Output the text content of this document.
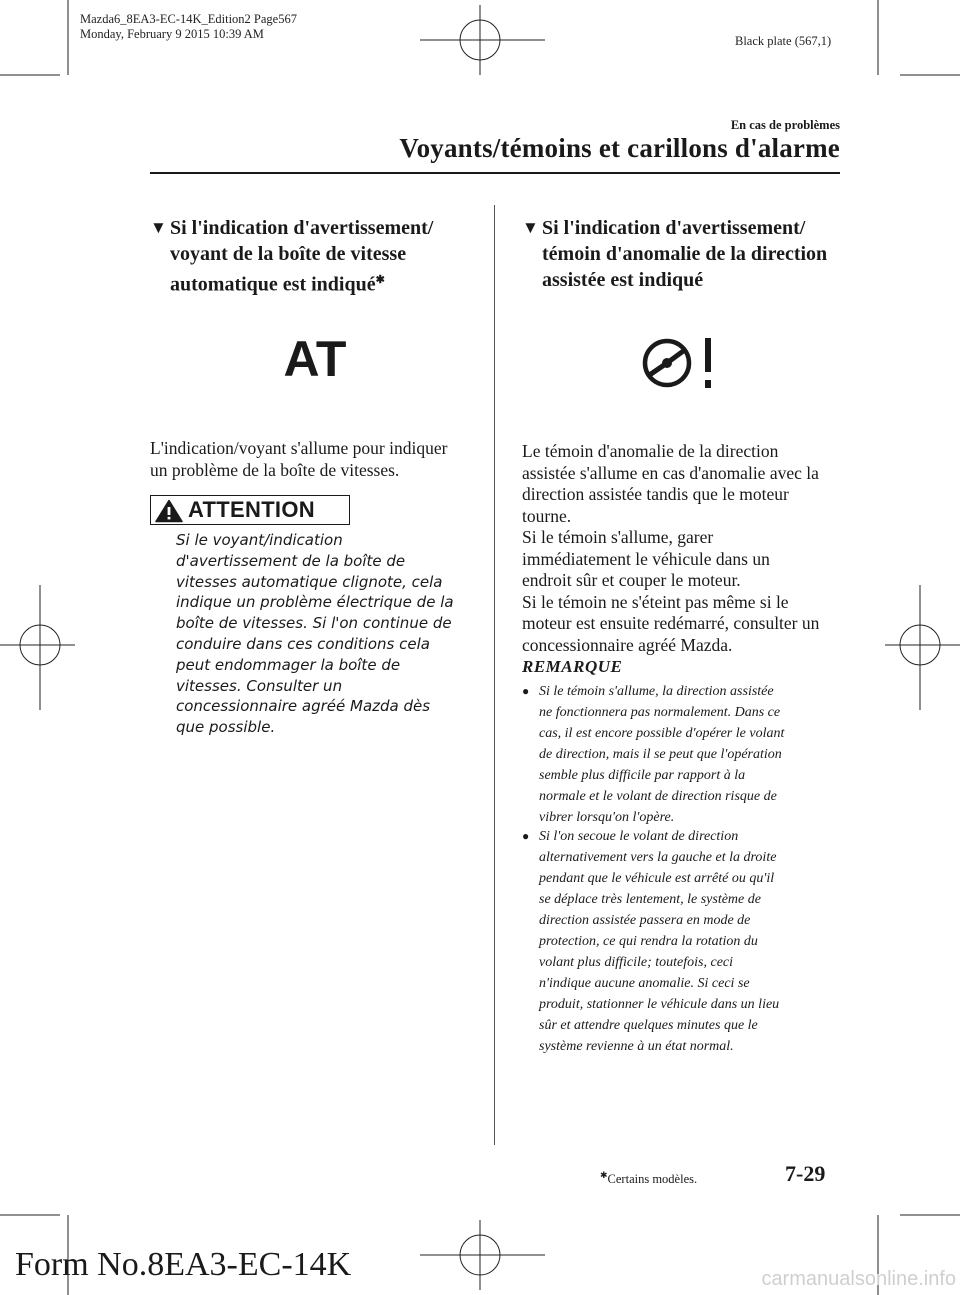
Mazda6_8EA3-EC-14K_Edition2 Page567
Monday, February 9 2015 10:39 AM	Black plate (567,1)
En cas de problèmes
Voyants/témoins et carillons d'alarme
▼ Si l'indication d'avertissement/
voyant de la boîte de vitesse
automatique est indiqué✱
AT
L'indication/voyant s'allume pour indiquer
un problème de la boîte de vitesses.
ATTENTION
Si le voyant/indication
d'avertissement de la boîte de
vitesses automatique clignote, cela
indique un problème électrique de la
boîte de vitesses. Si l'on continue de
conduire dans ces conditions cela
peut endommager la boîte de
vitesses. Consulter un
concessionnaire agréé Mazda dès
que possible.
▼ Si l'indication d'avertissement/
témoin d'anomalie de la direction
assistée est indiqué
Le témoin d'anomalie de la direction
assistée s'allume en cas d'anomalie avec la
direction assistée tandis que le moteur
tourne.
Si le témoin s'allume, garer
immédiatement le véhicule dans un
endroit sûr et couper le moteur.
Si le témoin ne s'éteint pas même si le
moteur est ensuite redémarré, consulter un
concessionnaire agréé Mazda.
REMARQUE
● Si le témoin s'allume, la direction assistée

ne fonctionnera pas normalement. Dans ce

cas, il est encore possible d'opérer le volant

de direction, mais il se peut que l'opération

semble plus difficile par rapport à la

normale et le volant de direction risque de

vibrer lorsqu'on l'opère.

● Si l'on secoue le volant de direction

alternativement vers la gauche et la droite

pendant que le véhicule est arrêté ou qu'il

se déplace très lentement, le système de

direction assistée passera en mode de

protection, ce qui rendra la rotation du

volant plus difficile; toutefois, ceci

n'indique aucune anomalie. Si ceci se

produit, stationner le véhicule dans un lieu

sûr et attendre quelques minutes que le

système revienne à un état normal.

✱Certains modèles.	7-29
Form No.8EA3-EC-14K	carmanualsonline.info
